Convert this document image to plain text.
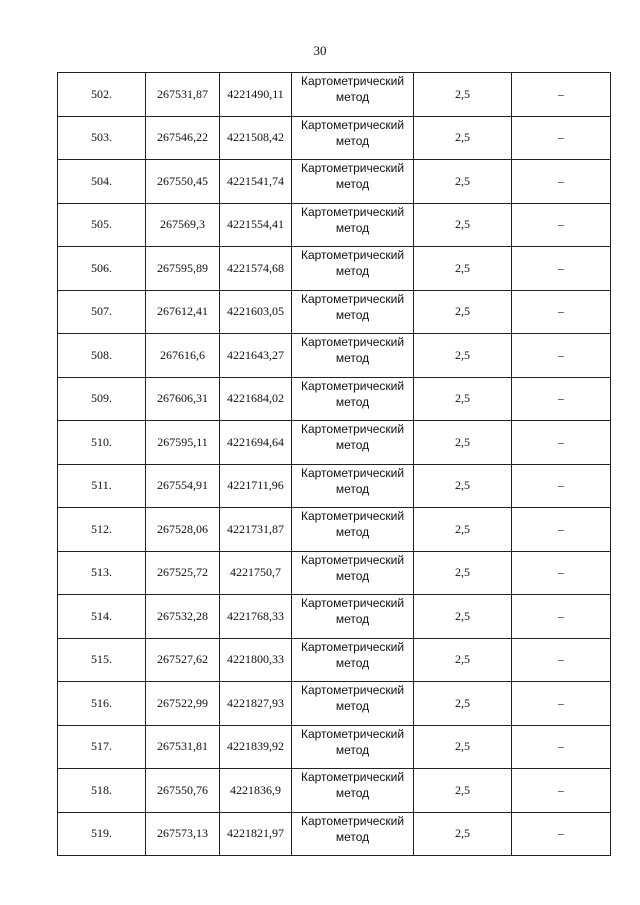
30
502.	267531,87	4221490,11	Картометрический
метод	2,5	–
503.	267546,22	4221508,42	Картометрический
метод	2,5	–
504.	267550,45	4221541,74	Картометрический
метод	2,5	–
505.	267569,3	4221554,41	Картометрический
метод	2,5	–
506.	267595,89	4221574,68	Картометрический
метод	2,5	–
507.	267612,41	4221603,05	Картометрический
метод	2,5	–
508.	267616,6	4221643,27	Картометрический
метод	2,5	–
509.	267606,31	4221684,02	Картометрический
метод	2,5	–
510.	267595,11	4221694,64	Картометрический
метод	2,5	–
511.	267554,91	4221711,96	Картометрический
метод	2,5	–
512.	267528,06	4221731,87	Картометрический
метод	2,5	–
513.	267525,72	4221750,7	Картометрический
метод	2,5	–
514.	267532,28	4221768,33	Картометрический
метод	2,5	–
515.	267527,62	4221800,33	Картометрический
метод	2,5	–
516.	267522,99	4221827,93	Картометрический
метод	2,5	–
517.	267531,81	4221839,92	Картометрический
метод	2,5	–
518.	267550,76	4221836,9	Картометрический
метод	2,5	–
519.	267573,13	4221821,97	Картометрический
метод	2,5	–
